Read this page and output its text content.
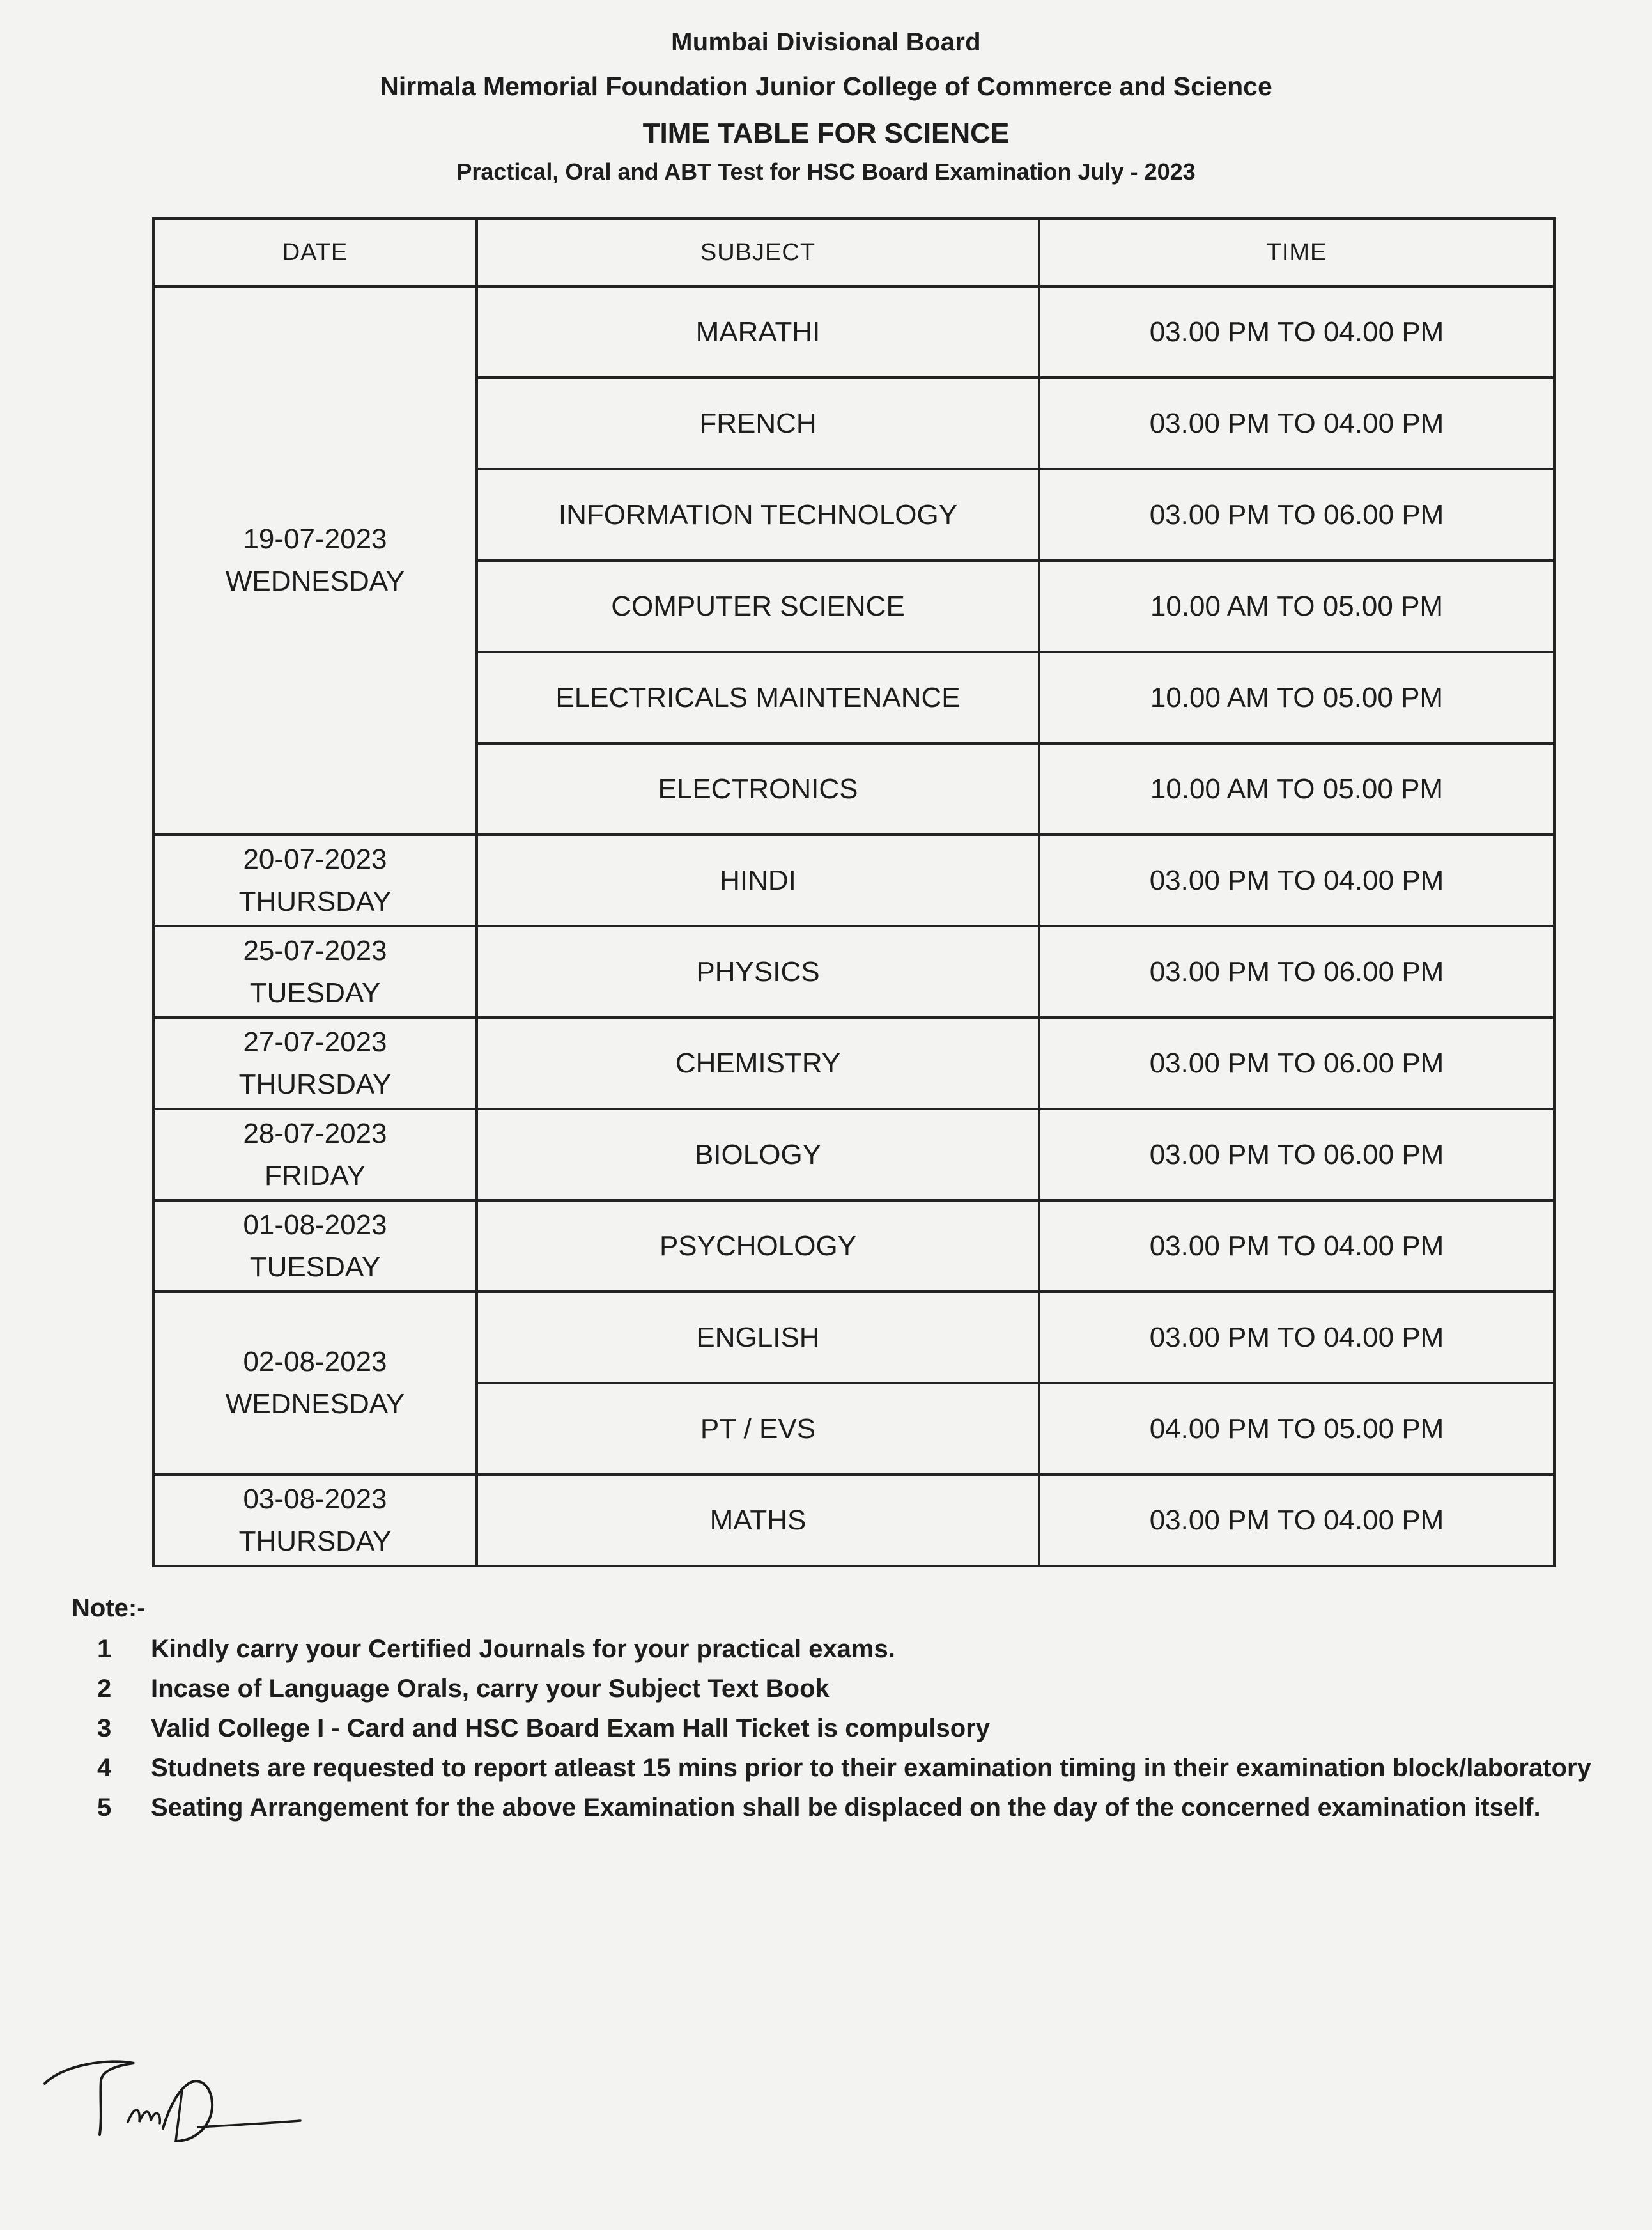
Mumbai Divisional Board
Nirmala Memorial Foundation Junior College of Commerce and Science
TIME TABLE FOR SCIENCE
Practical, Oral and ABT Test for HSC Board Examination July - 2023
DATE	SUBJECT	TIME

19-07-2023
WEDNESDAY	MARATHI	03.00 PM TO 04.00 PM
	FRENCH	03.00 PM TO 04.00 PM
	INFORMATION TECHNOLOGY	03.00 PM TO 06.00 PM
	COMPUTER SCIENCE	10.00 AM TO 05.00 PM
	ELECTRICALS MAINTENANCE	10.00 AM TO 05.00 PM
	ELECTRONICS	10.00 AM TO 05.00 PM

20-07-2023
THURSDAY	HINDI	03.00 PM TO 04.00 PM

25-07-2023
TUESDAY	PHYSICS	03.00 PM TO 06.00 PM

27-07-2023
THURSDAY	CHEMISTRY	03.00 PM TO 06.00 PM

28-07-2023
FRIDAY	BIOLOGY	03.00 PM TO 06.00 PM

01-08-2023
TUESDAY	PSYCHOLOGY	03.00 PM TO 04.00 PM

02-08-2023
WEDNESDAY	ENGLISH	03.00 PM TO 04.00 PM
	PT / EVS	04.00 PM TO 05.00 PM

03-08-2023
THURSDAY	MATHS	03.00 PM TO 04.00 PM
Note:-
1	Kindly carry your Certified Journals for your practical exams.
2	Incase of Language Orals, carry your Subject Text Book
3	Valid College I - Card and HSC Board Exam Hall Ticket is compulsory
4	Studnets are requested to report atleast 15 mins prior to their examination timing in their examination block/laboratory
5	Seating Arrangement for the above Examination shall be displaced on the day of the concerned examination itself.
